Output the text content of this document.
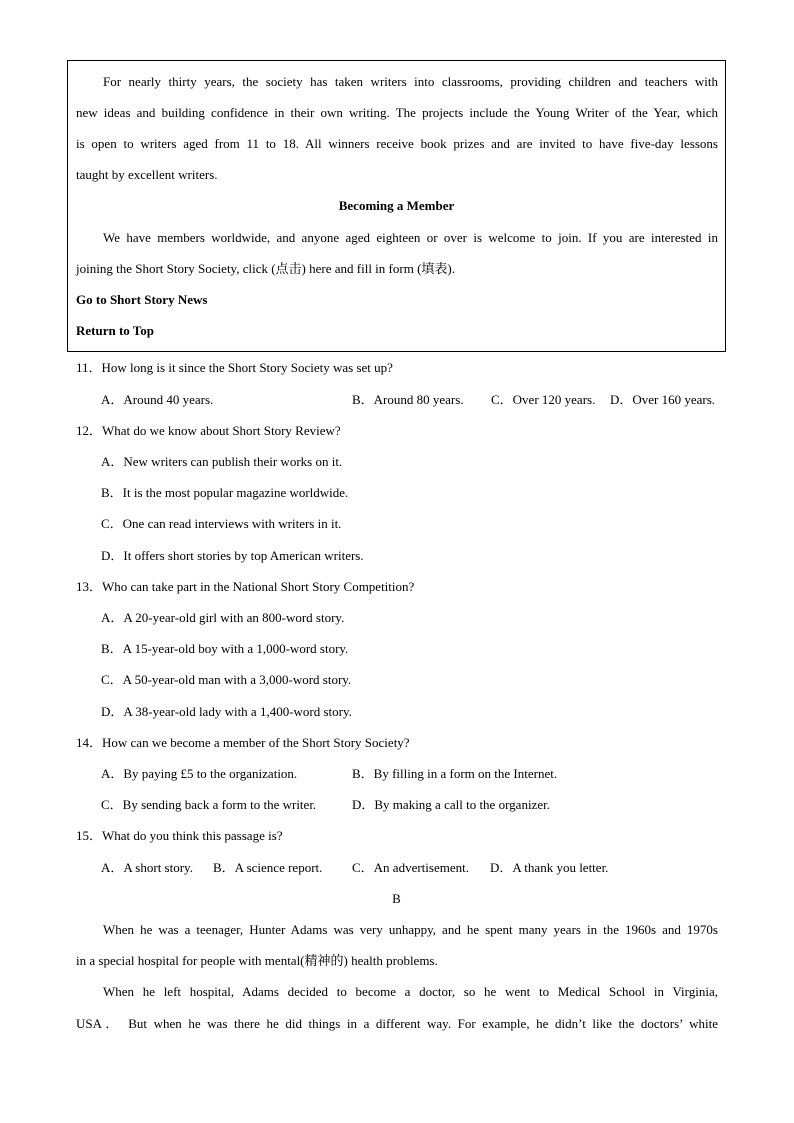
For nearly thirty years, the society has taken writers into classrooms, providing children and teachers with
new ideas and building confidence in their own writing. The projects include the Young Writer of the Year, which
is open to writers aged from 11 to 18. All winners receive book prizes and are invited to have five-day lessons
taught by excellent writers.
Becoming a Member
We have members worldwide, and anyone aged eighteen or over is welcome to join. If you are interested in
joining the Short Story Society, click (点击) here and fill in form (填表).
Go to Short Story News
Return to Top
11．How long is it since the Short Story Society was set up?
A．Around 40 years.	B．Around 80 years. C．Over 120 years. D．Over 160 years.
12．What do we know about Short Story Review?
A．New writers can publish their works on it.
B．It is the most popular magazine worldwide.
C．One can read interviews with writers in it.
D．It offers short stories by top American writers.
13．Who can take part in the National Short Story Competition?
A．A 20-year-old girl with an 800-word story.
B．A 15-year-old boy with a 1,000-word story.
C．A 50-year-old man with a 3,000-word story.
D．A 38-year-old lady with a 1,400-word story.
14．How can we become a member of the Short Story Society?
A．By paying £5 to the organization.	B．By filling in a form on the Internet.
C．By sending back a form to the writer.	D．By making a call to the organizer.
15．What do you think this passage is?
A．A short story. B．A science report. C．An advertisement. D．A thank you letter.
B
When he was a teenager, Hunter Adams was very unhappy, and he spent many years in the 1960s and 1970s
in a special hospital for people with mental(精神的) health problems.
When he left hospital, Adams decided to become a doctor, so he went to Medical School in Virginia,
USA． But when he was there he did things in a different way. For example, he didn’t like the doctors’ white
